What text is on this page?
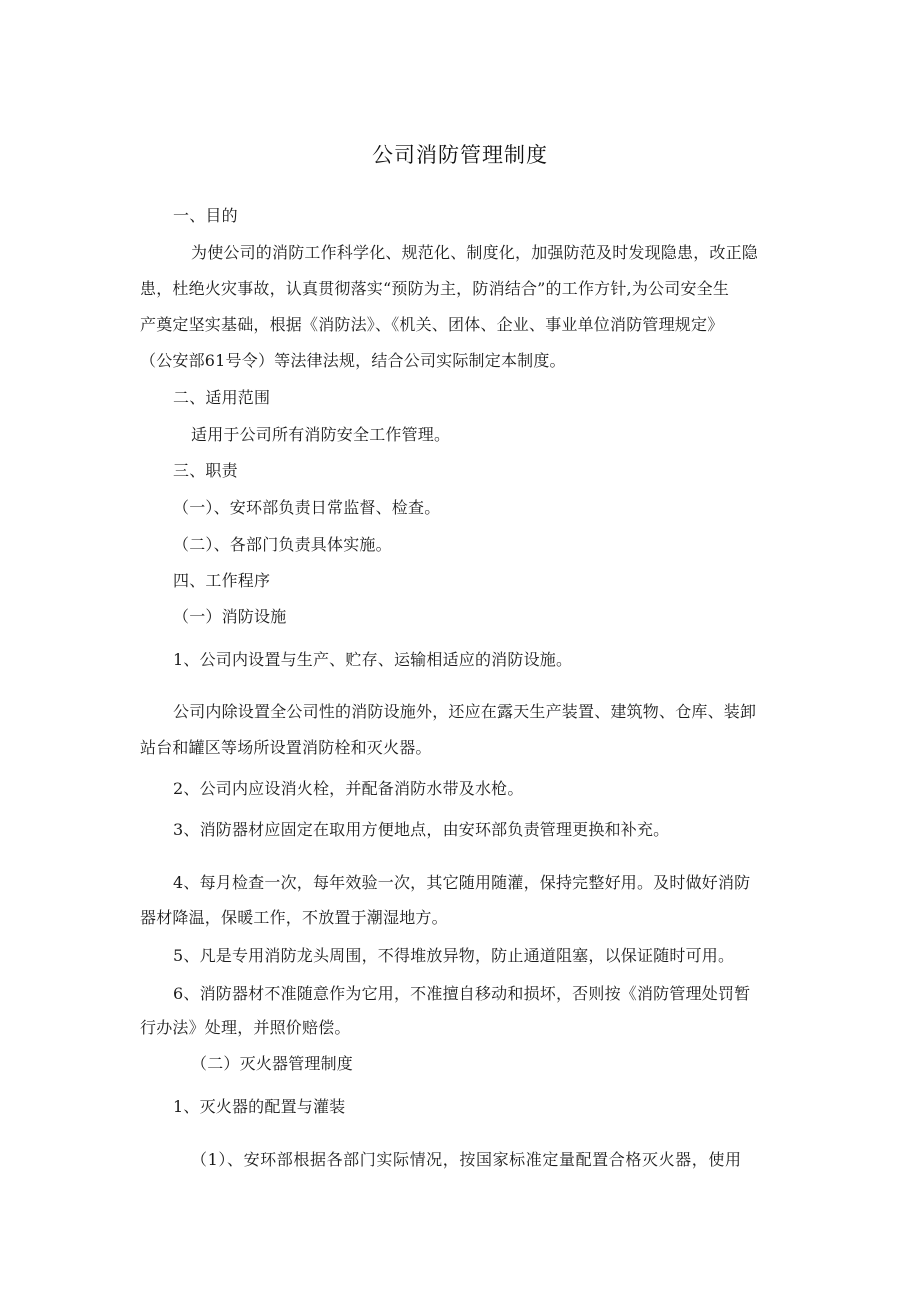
公司消防管理制度
一、目的
为使公司的消防工作科学化、规范化、制度化，加强防范及时发现隐患，改正隐
患，杜绝火灾事故，认真贯彻落实“预防为主，防消结合”的工作方针,为公司安全生
产奠定坚实基础，根据《消防法》、《机关、团体、企业、事业单位消防管理规定》
（公安部61号令）等法律法规，结合公司实际制定本制度。
二、适用范围
适用于公司所有消防安全工作管理。
三、职责
（一）、安环部负责日常监督、检查。
（二）、各部门负责具体实施。
四、工作程序
（一）消防设施
1、公司内设置与生产、贮存、运输相适应的消防设施。
公司内除设置全公司性的消防设施外，还应在露天生产装置、建筑物、仓库、装卸
站台和罐区等场所设置消防栓和灭火器。
2、公司内应设消火栓，并配备消防水带及水枪。
3、消防器材应固定在取用方便地点，由安环部负责管理更换和补充。
4、每月检查一次，每年效验一次，其它随用随灌，保持完整好用。及时做好消防
器材降温，保暖工作，不放置于潮湿地方。
5、凡是专用消防龙头周围，不得堆放异物，防止通道阻塞，以保证随时可用。
6、消防器材不准随意作为它用，不准擅自移动和损坏，否则按《消防管理处罚暂
行办法》处理，并照价赔偿。
（二）灭火器管理制度
1、灭火器的配置与灌装
（1）、安环部根据各部门实际情况，按国家标准定量配置合格灭火器，使用
